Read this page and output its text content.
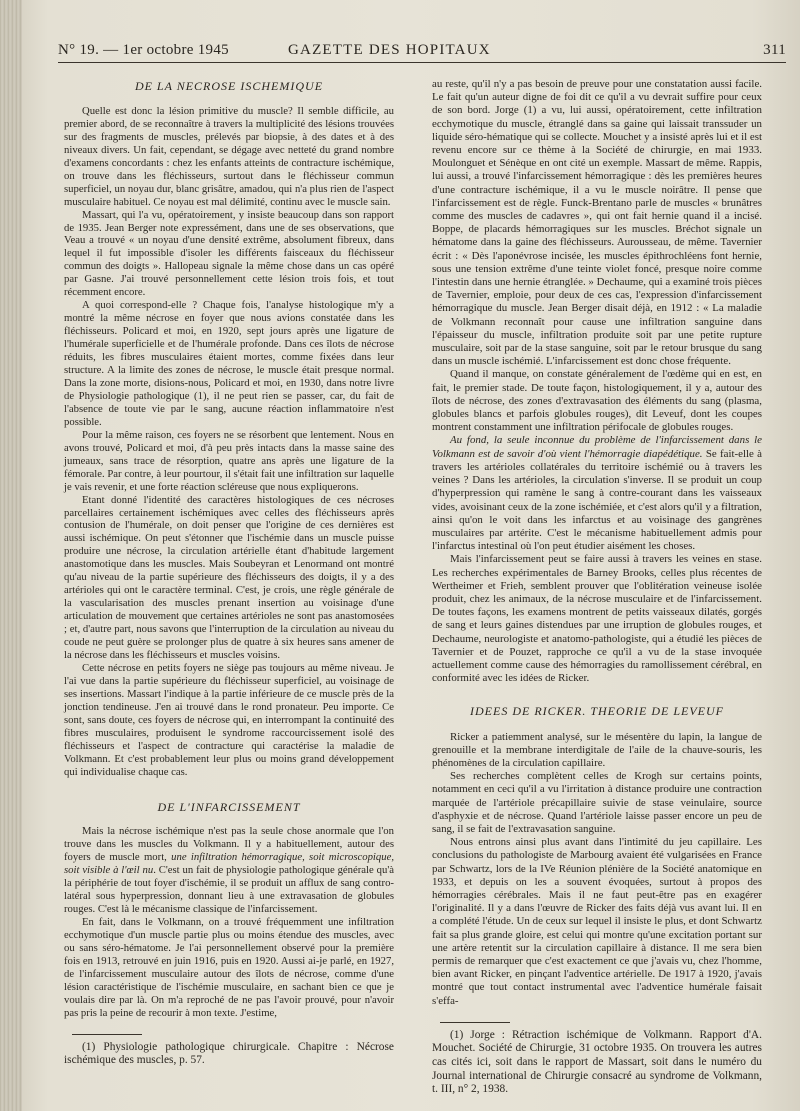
N° 19. — 1er octobre 1945	GAZETTE DES HOPITAUX	311
DE LA NECROSE ISCHEMIQUE

Quelle est donc la lésion primitive du muscle? Il semble difficile, au premier abord, de se reconnaître à travers la multiplicité des lésions trouvées sur des fragments de muscles, prélevés par biopsie, à des dates et à des niveaux divers. Un fait, cependant, se dégage avec netteté du grand nombre d'examens concordants : chez les enfants atteints de contracture ischémique, on trouve dans les fléchisseurs, surtout dans le fléchisseur commun superficiel, un noyau dur, blanc grisâtre, amadou, qui n'a plus rien de l'aspect musculaire habituel. Ce noyau est mal délimité, continu avec le muscle sain.

Massart, qui l'a vu, opératoirement, y insiste beaucoup dans son rapport de 1935. Jean Berger note expressément, dans une de ses observations, que Veau a trouvé « un noyau d'une densité extrême, absolument fibreux, dans lequel il fut impossible d'isoler les différents faisceaux du fléchisseur commun des doigts ». Hallopeau signale la même chose dans un cas opéré par Gasne. J'ai trouvé personnellement cette lésion trois fois, et tout récemment encore.

A quoi correspond-elle ? Chaque fois, l'analyse histologique m'y a montré la même nécrose en foyer que nous avions constatée dans les fléchisseurs. Policard et moi, en 1920, sept jours après une ligature de l'humérale superficielle et de l'humérale profonde. Dans ces îlots de nécrose réduits, les fibres musculaires étaient mortes, comme fixées dans leur structure. A la limite des zones de nécrose, le muscle était presque normal. Dans la zone morte, disions-nous, Policard et moi, en 1930, dans notre livre de Physiologie pathologique (1), il ne peut rien se passer, car, du fait de l'absence de toute vie par le sang, aucune réaction inflammatoire n'est possible.

Pour la même raison, ces foyers ne se résorbent que lentement. Nous en avons trouvé, Policard et moi, d'à peu près intacts dans la masse saine des jumeaux, sans trace de résorption, quatre ans après une ligature de la fémorale. Par contre, à leur pourtour, il s'était fait une infiltration sur laquelle je vais revenir, et une forte réaction scléreuse que nous expliquerons.

Etant donné l'identité des caractères histologiques de ces nécroses parcellaires certainement ischémiques avec celles des fléchisseurs après contusion de l'humérale, on doit penser que l'origine de ces dernières est aussi ischémique. On peut s'étonner que l'ischémie dans un muscle puisse produire une nécrose, la circulation artérielle étant d'habitude largement anastomotique dans les muscles. Mais Soubeyran et Lenormand ont montré qu'au niveau de la partie supérieure des fléchisseurs des doigts, il y a des artérioles qui ont le caractère terminal. C'est, je crois, une règle générale de la vascularisation des muscles prenant insertion au voisinage d'une articulation de mouvement que certaines artérioles ne sont pas anastomosées ; et, d'autre part, nous savons que l'interruption de la circulation au niveau du coude ne peut guère se prolonger plus de quatre à six heures sans amener de la nécrose dans les fléchisseurs et muscles voisins.

Cette nécrose en petits foyers ne siège pas toujours au même niveau. Je l'ai vue dans la partie supérieure du fléchisseur superficiel, au voisinage de ses insertions. Massart l'indique à la partie inférieure de ce muscle près de la jonction tendineuse. J'en ai trouvé dans le rond pronateur. Peu importe. Ce sont, sans doute, ces foyers de nécrose qui, en interrompant la continuité des fibres musculaires, produisent le syndrome raccourcissement isolé des fléchisseurs et l'aspect de contracture qui caractérise la maladie de Volkmann. Et c'est probablement leur plus ou moins grand développement qui individualise chaque cas.

DE L'INFARCISSEMENT

Mais la nécrose ischémique n'est pas la seule chose anormale que l'on trouve dans les muscles du Volkmann. Il y a habituellement, autour des foyers de muscle mort, une infiltration hémorragique, soit microscopique, soit visible à l'œil nu. C'est un fait de physiologie pathologique générale qu'à la périphérie de tout foyer d'ischémie, il se produit un afflux de sang contro-latéral sous hyperpression, donnant lieu à une extravasation de globules rouges. C'est là le mécanisme classique de l'infarcissement.

En fait, dans le Volkmann, on a trouvé fréquemment une infiltration ecchymotique d'un muscle partie plus ou moins étendue des muscles, avec ou sans séro-hématome. Je l'ai personnellement observé pour la première fois en 1913, retrouvé en juin 1916, puis en 1920. Aussi ai-je parlé, en 1927, de l'infarcissement musculaire autour des îlots de nécrose, comme d'une lésion caractéristique de l'ischémie musculaire, en sachant bien ce que je voulais dire par là. On m'a reproché de ne pas l'avoir prouvé, pour n'avoir pas pris la peine de recourir à mon texte. J'estime,

(1) Physiologie pathologique chirurgicale. Chapitre : Nécrose ischémique des muscles, p. 57.

au reste, qu'il n'y a pas besoin de preuve pour une constatation aussi facile. Le fait qu'un auteur digne de foi dit ce qu'il a vu devrait suffire pour ceux de son bord. Jorge (1) a vu, lui aussi, opératoirement, cette infiltration ecchymotique du muscle, étranglé dans sa gaine qui laissait transsuder un liquide séro-hématique qui se collecte. Mouchet y a insisté après lui et il est revenu encore sur ce thème à la Société de chirurgie, en mai 1933. Moulonguet et Sénèque en ont cité un exemple. Massart de même. Rappis, lui aussi, a trouvé l'infarcissement hémorragique : dès les premières heures d'une contracture ischémique, il a vu le muscle noirâtre. Il pense que l'infarcissement est de règle. Funck-Brentano parle de muscles « brunâtres comme des muscles de cadavres », qui ont fait hernie quand il a incisé. Boppe, de placards hémorragiques sur les muscles. Bréchot signale un hématome dans la gaine des fléchisseurs. Aurousseau, de même. Tavernier écrit : « Dès l'aponévrose incisée, les muscles épithrochléens font hernie, sous une tension extrême d'une teinte violet foncé, presque noire comme l'intestin dans une hernie étranglée. » Dechaume, qui a examiné trois pièces de Tavernier, emploie, pour deux de ces cas, l'expression d'infarcissement hémorragique du muscle. Jean Berger disait déjà, en 1912 : « La maladie de Volkmann reconnaît pour cause une infiltration sanguine dans l'épaisseur du muscle, infiltration produite soit par une petite rupture musculaire, soit par de la stase sanguine, soit par le retour brusque du sang dans un muscle ischémié. L'infarcissement est donc chose fréquente.

Quand il manque, on constate généralement de l'œdème qui en est, en fait, le premier stade. De toute façon, histologiquement, il y a, autour des îlots de nécrose, des zones d'extravasation des éléments du sang (plasma, globules blancs et parfois globules rouges), dit Leveuf, dont les coupes montrent constamment une infiltration périfocale de globules rouges.

Au fond, la seule inconnue du problème de l'infarcissement dans le Volkmann est de savoir d'où vient l'hémorragie diapédétique. Se fait-elle à travers les artérioles collatérales du territoire ischémié ou à travers les veines ? Dans les artérioles, la circulation s'inverse. Il se produit un coup d'hyperpression qui ramène le sang à contre-courant dans les vaisseaux vides, avoisinant ceux de la zone ischémiée, et c'est alors qu'il y a filtration, ainsi qu'on le voit dans les infarctus et au voisinage des gangrènes musculaires par artérite. C'est le mécanisme habituellement admis pour l'infarctus intestinal où l'on peut étudier aisément les choses.

Mais l'infarcissement peut se faire aussi à travers les veines en stase. Les recherches expérimentales de Barney Brooks, celles plus récentes de Wertheimer et Frieh, semblent prouver que l'oblitération veineuse isolée produit, chez les animaux, de la nécrose musculaire et de l'infarcissement. De toutes façons, les examens montrent de petits vaisseaux dilatés, gorgés de sang et leurs gaines distendues par une irruption de globules rouges, et Dechaume, neurologiste et anatomo-pathologiste, qui a étudié les pièces de Tavernier et de Pouzet, rapproche ce qu'il a vu de la stase invoquée actuellement comme cause des hémorragies du ramollissement cérébral, en conformité avec les idées de Ricker.

IDEES DE RICKER. THEORIE DE LEVEUF

Ricker a patiemment analysé, sur le mésentère du lapin, la langue de grenouille et la membrane interdigitale de l'aile de la chauve-souris, les phénomènes de la circulation capillaire.

Ses recherches complètent celles de Krogh sur certains points, notamment en ceci qu'il a vu l'irritation à distance produire une contraction marquée de l'artériole précapillaire suivie de stase veinulaire, source d'asphyxie et de nécrose. Quand l'artériole laisse passer encore un peu de sang, il se fait de l'extravasation sanguine.

Nous entrons ainsi plus avant dans l'intimité du jeu capillaire. Les conclusions du pathologiste de Marbourg avaient été vulgarisées en France par Schwartz, lors de la IVe Réunion plénière de la Société anatomique en 1933, et depuis on les a souvent évoquées, surtout à propos des hémorragies cérébrales. Mais il ne faut peut-être pas en exagérer l'originalité. Il y a dans l'œuvre de Ricker des faits déjà vus avant lui. Il en a complété l'étude. Un de ceux sur lequel il insiste le plus, et dont Schwartz fait sa plus grande gloire, est celui qui montre qu'une excitation portant sur une artère retentit sur la circulation capillaire à distance. Il me sera bien permis de remarquer que c'est exactement ce que j'avais vu, chez l'homme, bien avant Ricker, en pinçant l'adventice artérielle. De 1917 à 1920, j'avais montré que tout contact instrumental avec l'adventice humérale faisait s'effa-

(1) Jorge : Rétraction ischémique de Volkmann. Rapport d'A. Mouchet. Société de Chirurgie, 31 octobre 1935. On trouvera les autres cas cités ici, soit dans le rapport de Massart, soit dans le numéro du Journal international de Chirurgie consacré au syndrome de Volkmann, t. III, n° 2, 1938.
